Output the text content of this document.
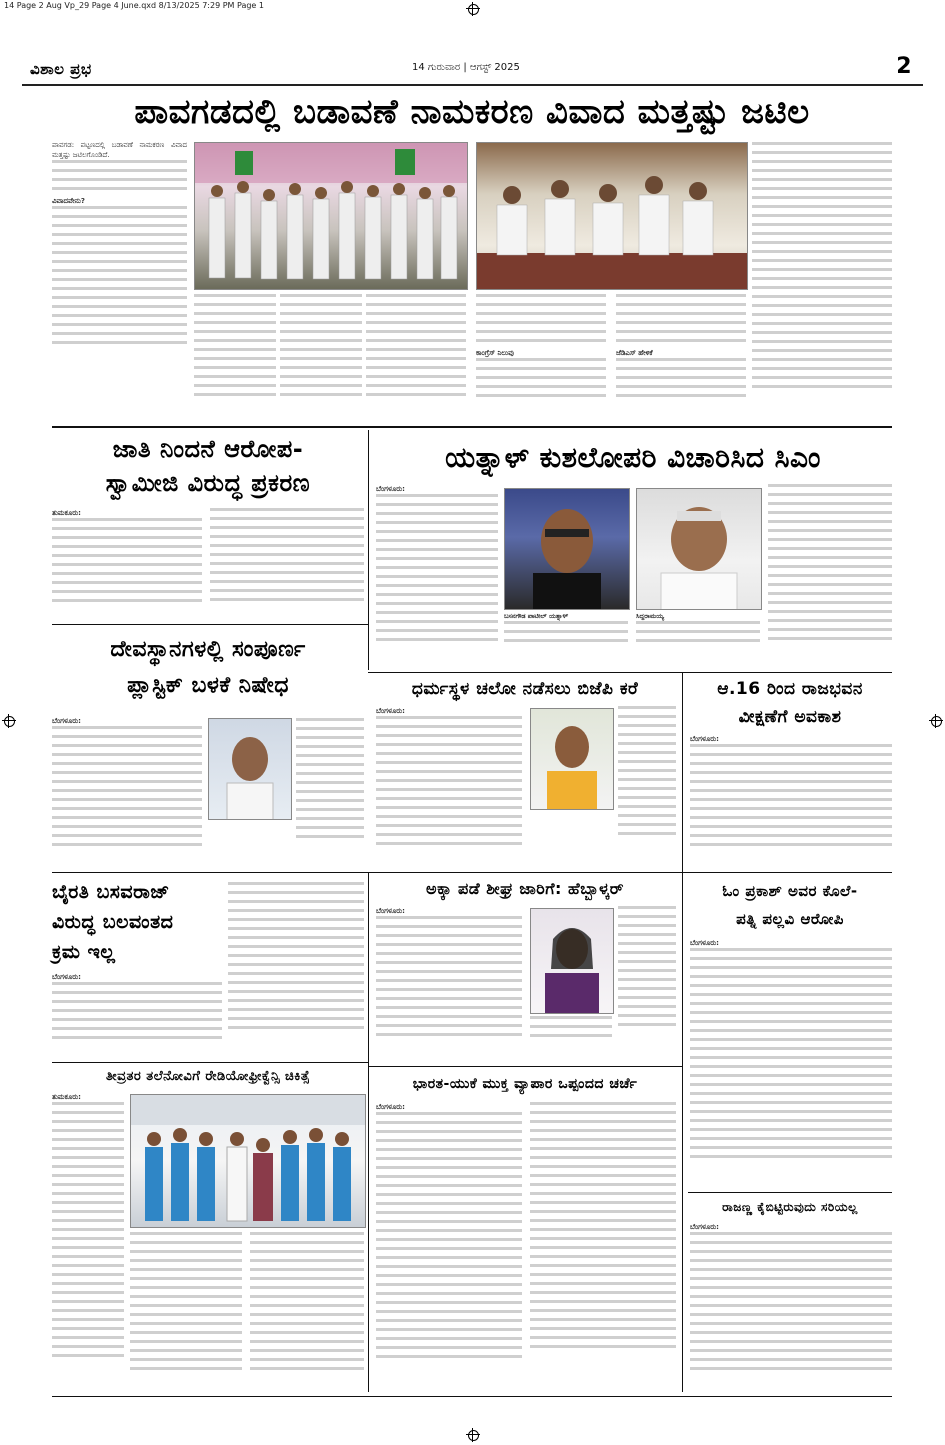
14 Page 2 Aug Vp_29 Page 4 June.qxd 8/13/2025 7:29 PM Page 1
ವಿಶಾಲ ಪ್ರಭ	14 ಗುರುವಾರ | ಆಗಸ್ಟ್ 2025	2
ಪಾವಗಡದಲ್ಲಿ ಬಡಾವಣೆ ನಾಮಕರಣ ವಿವಾದ ಮತ್ತಷ್ಟು ಜಟಿಲ
ಪಾವಗಡ: ಪಟ್ಟಣದಲ್ಲಿ ಬಡಾವಣೆ ನಾಮಕರಣ ವಿವಾದ ಮತ್ತಷ್ಟು ಜಟಿಲಗೊಂಡಿದೆ.
ವಿವಾದವೇನು?
ಕಾಂಗ್ರೆಸ್ ನಿಲುವು	ಜೆಡಿಎಸ್ ಹೇಳಿಕೆ
ಜಾತಿ ನಿಂದನೆ ಆರೋಪ-
ಸ್ವಾಮೀಜಿ ವಿರುದ್ಧ ಪ್ರಕರಣ
ತುಮಕೂರು:
ಯತ್ನಾಳ್ ಕುಶಲೋಪರಿ ವಿಚಾರಿಸಿದ ಸಿಎಂ
ಬೆಂಗಳೂರು:
ಬಸನಗೌಡ ಪಾಟೀಲ್ ಯತ್ನಾಳ್	ಸಿದ್ದರಾಮಯ್ಯ
ದೇವಸ್ಥಾನಗಳಲ್ಲಿ ಸಂಪೂರ್ಣ
ಪ್ಲಾಸ್ಟಿಕ್ ಬಳಕೆ ನಿಷೇಧ
ಬೆಂಗಳೂರು:
ಧರ್ಮಸ್ಥಳ ಚಲೋ ನಡೆಸಲು ಬಿಜೆಪಿ ಕರೆ
ಬೆಂಗಳೂರು:
ಆ.16 ರಿಂದ ರಾಜಭವನ
ವೀಕ್ಷಣೆಗೆ ಅವಕಾಶ
ಬೆಂಗಳೂರು:
ಬೈರತಿ ಬಸವರಾಜ್
ವಿರುದ್ಧ ಬಲವಂತದ
ಕ್ರಮ ಇಲ್ಲ
ಬೆಂಗಳೂರು:
ಅಕ್ಕಾ ಪಡೆ ಶೀಘ್ರ ಜಾರಿಗೆ: ಹೆಬ್ಬಾಳ್ಕರ್
ಬೆಂಗಳೂರು:
ಓಂ ಪ್ರಕಾಶ್ ಅವರ ಕೊಲೆ-
ಪತ್ನಿ ಪಲ್ಲವಿ ಆರೋಪಿ
ಬೆಂಗಳೂರು:
ತೀವ್ರತರ ತಲೆನೋವಿಗೆ ರೇಡಿಯೋಫ್ರೀಕ್ವೆನ್ಸಿ ಚಿಕಿತ್ಸೆ
ತುಮಕೂರು:
ಭಾರತ-ಯುಕೆ ಮುಕ್ತ ವ್ಯಾಪಾರ ಒಪ್ಪಂದದ ಚರ್ಚೆ
ಬೆಂಗಳೂರು:
ರಾಜಣ್ಣ ಕೈಬಿಟ್ಟಿರುವುದು ಸರಿಯಲ್ಲ
ಬೆಂಗಳೂರು:
